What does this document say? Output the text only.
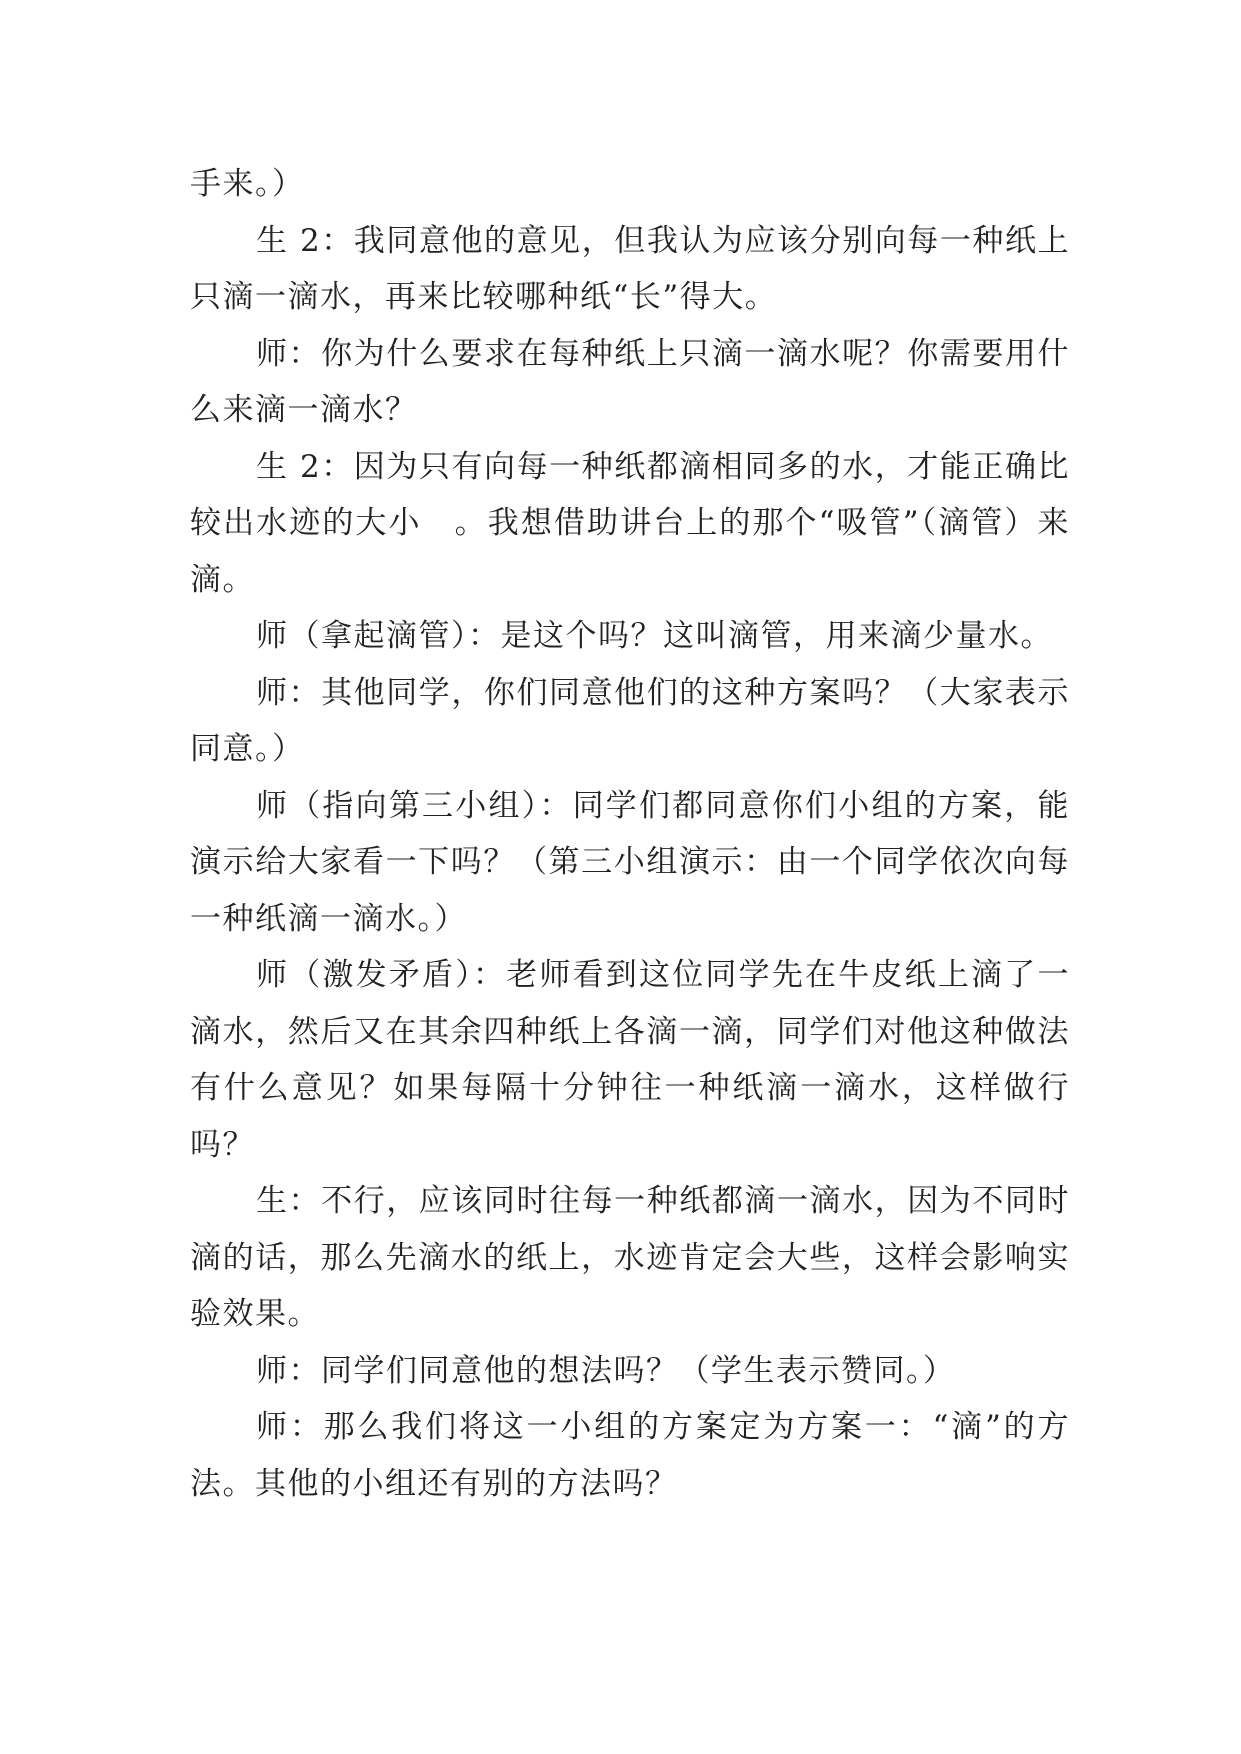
手来。）

生 2：我同意他的意见，但我认为应该分别向每一种纸上只滴一滴水，再来比较哪种纸“长”得大。

师：你为什么要求在每种纸上只滴一滴水呢？你需要用什么来滴一滴水？

生 2：因为只有向每一种纸都滴相同多的水，才能正确比较出水迹的大小　。我想借助讲台上的那个“吸管”（滴管）来滴。

师（拿起滴管）：是这个吗？这叫滴管，用来滴少量水。

师：其他同学，你们同意他们的这种方案吗？（大家表示同意。）

师（指向第三小组）：同学们都同意你们小组的方案，能演示给大家看一下吗？（第三小组演示：由一个同学依次向每一种纸滴一滴水。）

师（激发矛盾）：老师看到这位同学先在牛皮纸上滴了一滴水，然后又在其余四种纸上各滴一滴，同学们对他这种做法有什么意见？如果每隔十分钟往一种纸滴一滴水，这样做行吗？

生：不行，应该同时往每一种纸都滴一滴水，因为不同时滴的话，那么先滴水的纸上，水迹肯定会大些，这样会影响实验效果。

师：同学们同意他的想法吗？（学生表示赞同。）

师：那么我们将这一小组的方案定为方案一：“滴”的方法。其他的小组还有别的方法吗？
